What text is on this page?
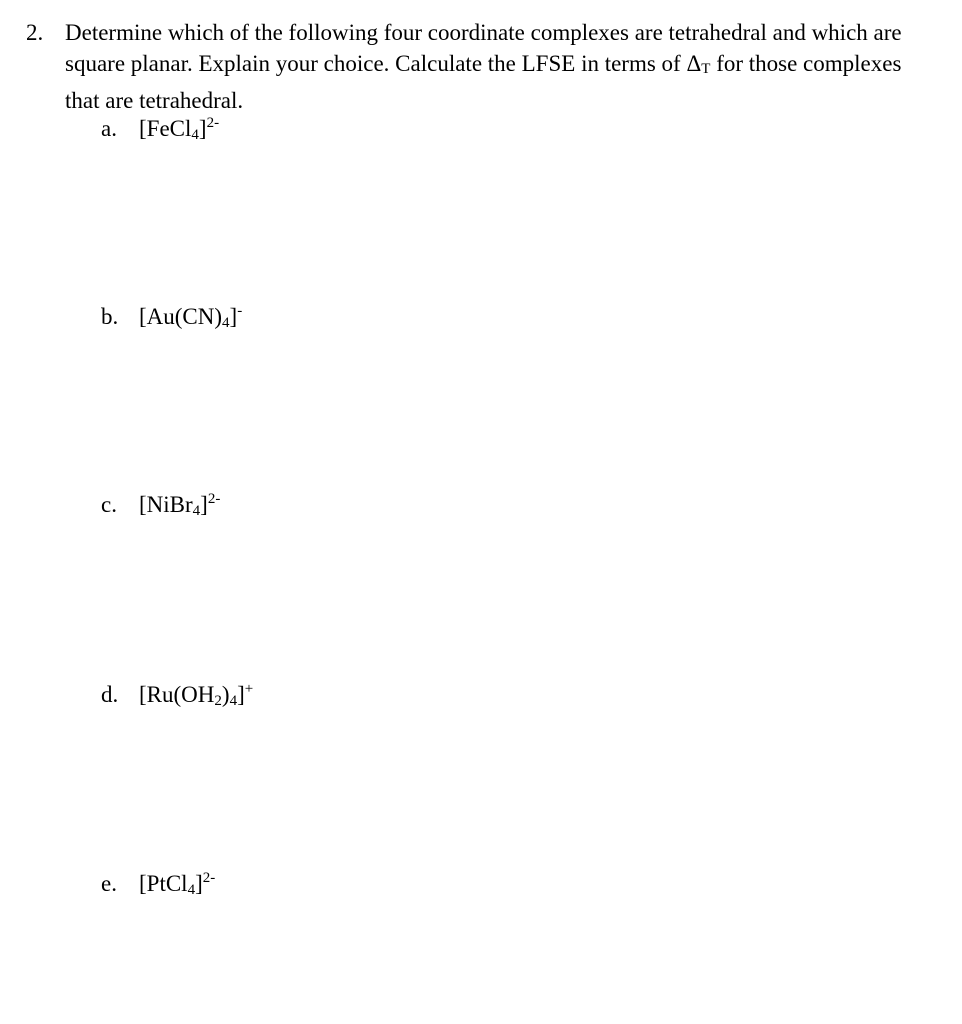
2. Determine which of the following four coordinate complexes are tetrahedral and which are square planar. Explain your choice. Calculate the LFSE in terms of ΔT for those complexes that are tetrahedral.
a. [FeCl$_4$]$^{2-}$
b. $[Au(CN)_4]^-$
c. [NiBr$_4$]$^{2-}$
d. $[Ru(OH_2)_4]^+$
e. [PtCl$_4$]$^{2-}$
